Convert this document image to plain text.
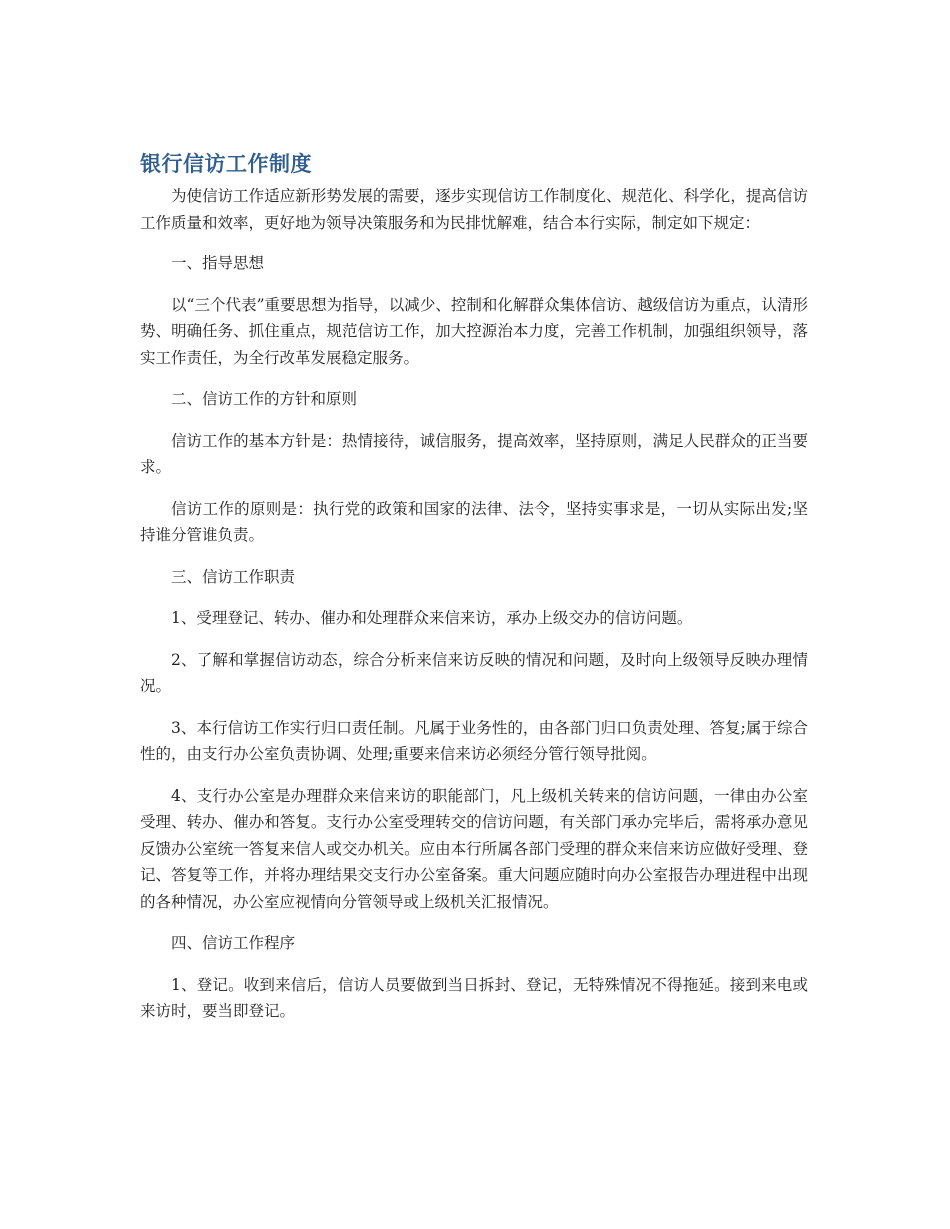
银行信访工作制度

为使信访工作适应新形势发展的需要，逐步实现信访工作制度化、规范化、科学化，提高信访工作质量和效率，更好地为领导决策服务和为民排忧解难，结合本行实际，制定如下规定：

一、指导思想

以“三个代表”重要思想为指导，以减少、控制和化解群众集体信访、越级信访为重点，认清形势、明确任务、抓住重点，规范信访工作，加大控源治本力度，完善工作机制，加强组织领导，落实工作责任，为全行改革发展稳定服务。

二、信访工作的方针和原则

信访工作的基本方针是：热情接待，诚信服务，提高效率，坚持原则，满足人民群众的正当要求。

信访工作的原则是：执行党的政策和国家的法律、法令，坚持实事求是，一切从实际出发;坚持谁分管谁负责。

三、信访工作职责

1、受理登记、转办、催办和处理群众来信来访，承办上级交办的信访问题。

2、了解和掌握信访动态，综合分析来信来访反映的情况和问题，及时向上级领导反映办理情况。

3、本行信访工作实行归口责任制。凡属于业务性的，由各部门归口负责处理、答复;属于综合性的，由支行办公室负责协调、处理;重要来信来访必须经分管行领导批阅。

4、支行办公室是办理群众来信来访的职能部门，凡上级机关转来的信访问题，一律由办公室受理、转办、催办和答复。支行办公室受理转交的信访问题，有关部门承办完毕后，需将承办意见反馈办公室统一答复来信人或交办机关。应由本行所属各部门受理的群众来信来访应做好受理、登记、答复等工作，并将办理结果交支行办公室备案。重大问题应随时向办公室报告办理进程中出现的各种情况，办公室应视情向分管领导或上级机关汇报情况。

四、信访工作程序

1、登记。收到来信后，信访人员要做到当日拆封、登记，无特殊情况不得拖延。接到来电或来访时，要当即登记。
